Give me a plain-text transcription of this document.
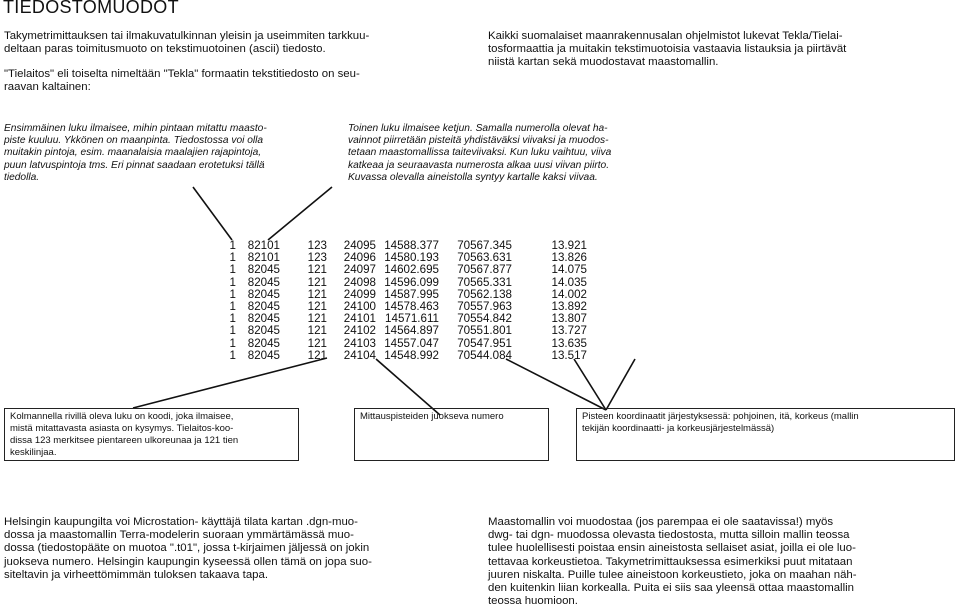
TIEDOSTOMUODOT
Takymetrimittauksen tai ilmakuvatulkinnan yleisin ja useimmiten tarkkuu-
deltaan paras toimitusmuoto on tekstimuotoinen (ascii) tiedosto.
"Tielaitos" eli toiselta nimeltään "Tekla" formaatin tekstitiedosto on seu-
raavan kaltainen:
Kaikki suomalaiset maanrakennusalan ohjelmistot lukevat Tekla/Tielai-
tosformaattia ja muitakin tekstimuotoisia vastaavia listauksia ja piirtävät
niistä kartan sekä muodostavat maastomallin.
Ensimmäinen luku ilmaisee, mihin pintaan mitattu maasto-
piste kuuluu. Ykkönen on maanpinta. Tiedostossa voi olla
muitakin pintoja, esim. maanalaisia maalajien rajapintoja,
puun latvuspintoja tms. Eri pinnat saadaan erotetuksi tällä
tiedolla.
Toinen luku ilmaisee ketjun. Samalla numerolla olevat ha-
vainnot piirretään pisteitä yhdistäväksi viivaksi ja muodos-
tetaan maastomallissa taiteviivaksi. Kun luku vaihtuu, viiva
katkeaa ja seuraavasta numerosta alkaa uusi viivan piirto.
Kuvassa olevalla aineistolla syntyy kartalle kaksi viivaa.
1	82101	123	24095	14588.377	70567.345	13.921
1	82101	123	24096	14580.193	70563.631	13.826
1	82045	121	24097	14602.695	70567.877	14.075
1	82045	121	24098	14596.099	70565.331	14.035
1	82045	121	24099	14587.995	70562.138	14.002
1	82045	121	24100	14578.463	70557.963	13.892
1	82045	121	24101	14571.611	70554.842	13.807
1	82045	121	24102	14564.897	70551.801	13.727
1	82045	121	24103	14557.047	70547.951	13.635
1	82045	121	24104	14548.992	70544.084	13.517
Kolmannella rivillä oleva luku on koodi, joka ilmaisee,
mistä mitattavasta asiasta on kysymys. Tielaitos-koo-
dissa 123 merkitsee pientareen ulkoreunaa ja 121 tien
keskilinjaa.
Mittauspisteiden juokseva numero	Pisteen koordinaatit järjestyksessä: pohjoinen, itä, korkeus (mallin
tekijän koordinaatti- ja korkeusjärjestelmässä)
Helsingin kaupungilta voi Microstation- käyttäjä tilata kartan .dgn-muo-
dossa ja maastomallin Terra-modelerin suoraan ymmärtämässä muo-
dossa (tiedostopääte on muotoa ".t01", jossa t-kirjaimen jäljessä on jokin
juokseva numero. Helsingin kaupungin kyseessä ollen tämä on jopa suo-
siteltavin ja virheettömimmän tuloksen takaava tapa.
Maastomallin voi muodostaa (jos parempaa ei ole saatavissa!) myös
dwg- tai dgn- muodossa olevasta tiedostosta, mutta silloin mallin teossa
tulee huolellisesti poistaa ensin aineistosta sellaiset asiat, joilla ei ole luo-
tettavaa korkeustietoa. Takymetrimittauksessa esimerkiksi puut mitataan
juuren niskalta. Puille tulee aineistoon korkeustieto, joka on maahan näh-
den kuitenkin liian korkealla. Puita ei siis saa yleensä ottaa maastomallin
teossa huomioon.
